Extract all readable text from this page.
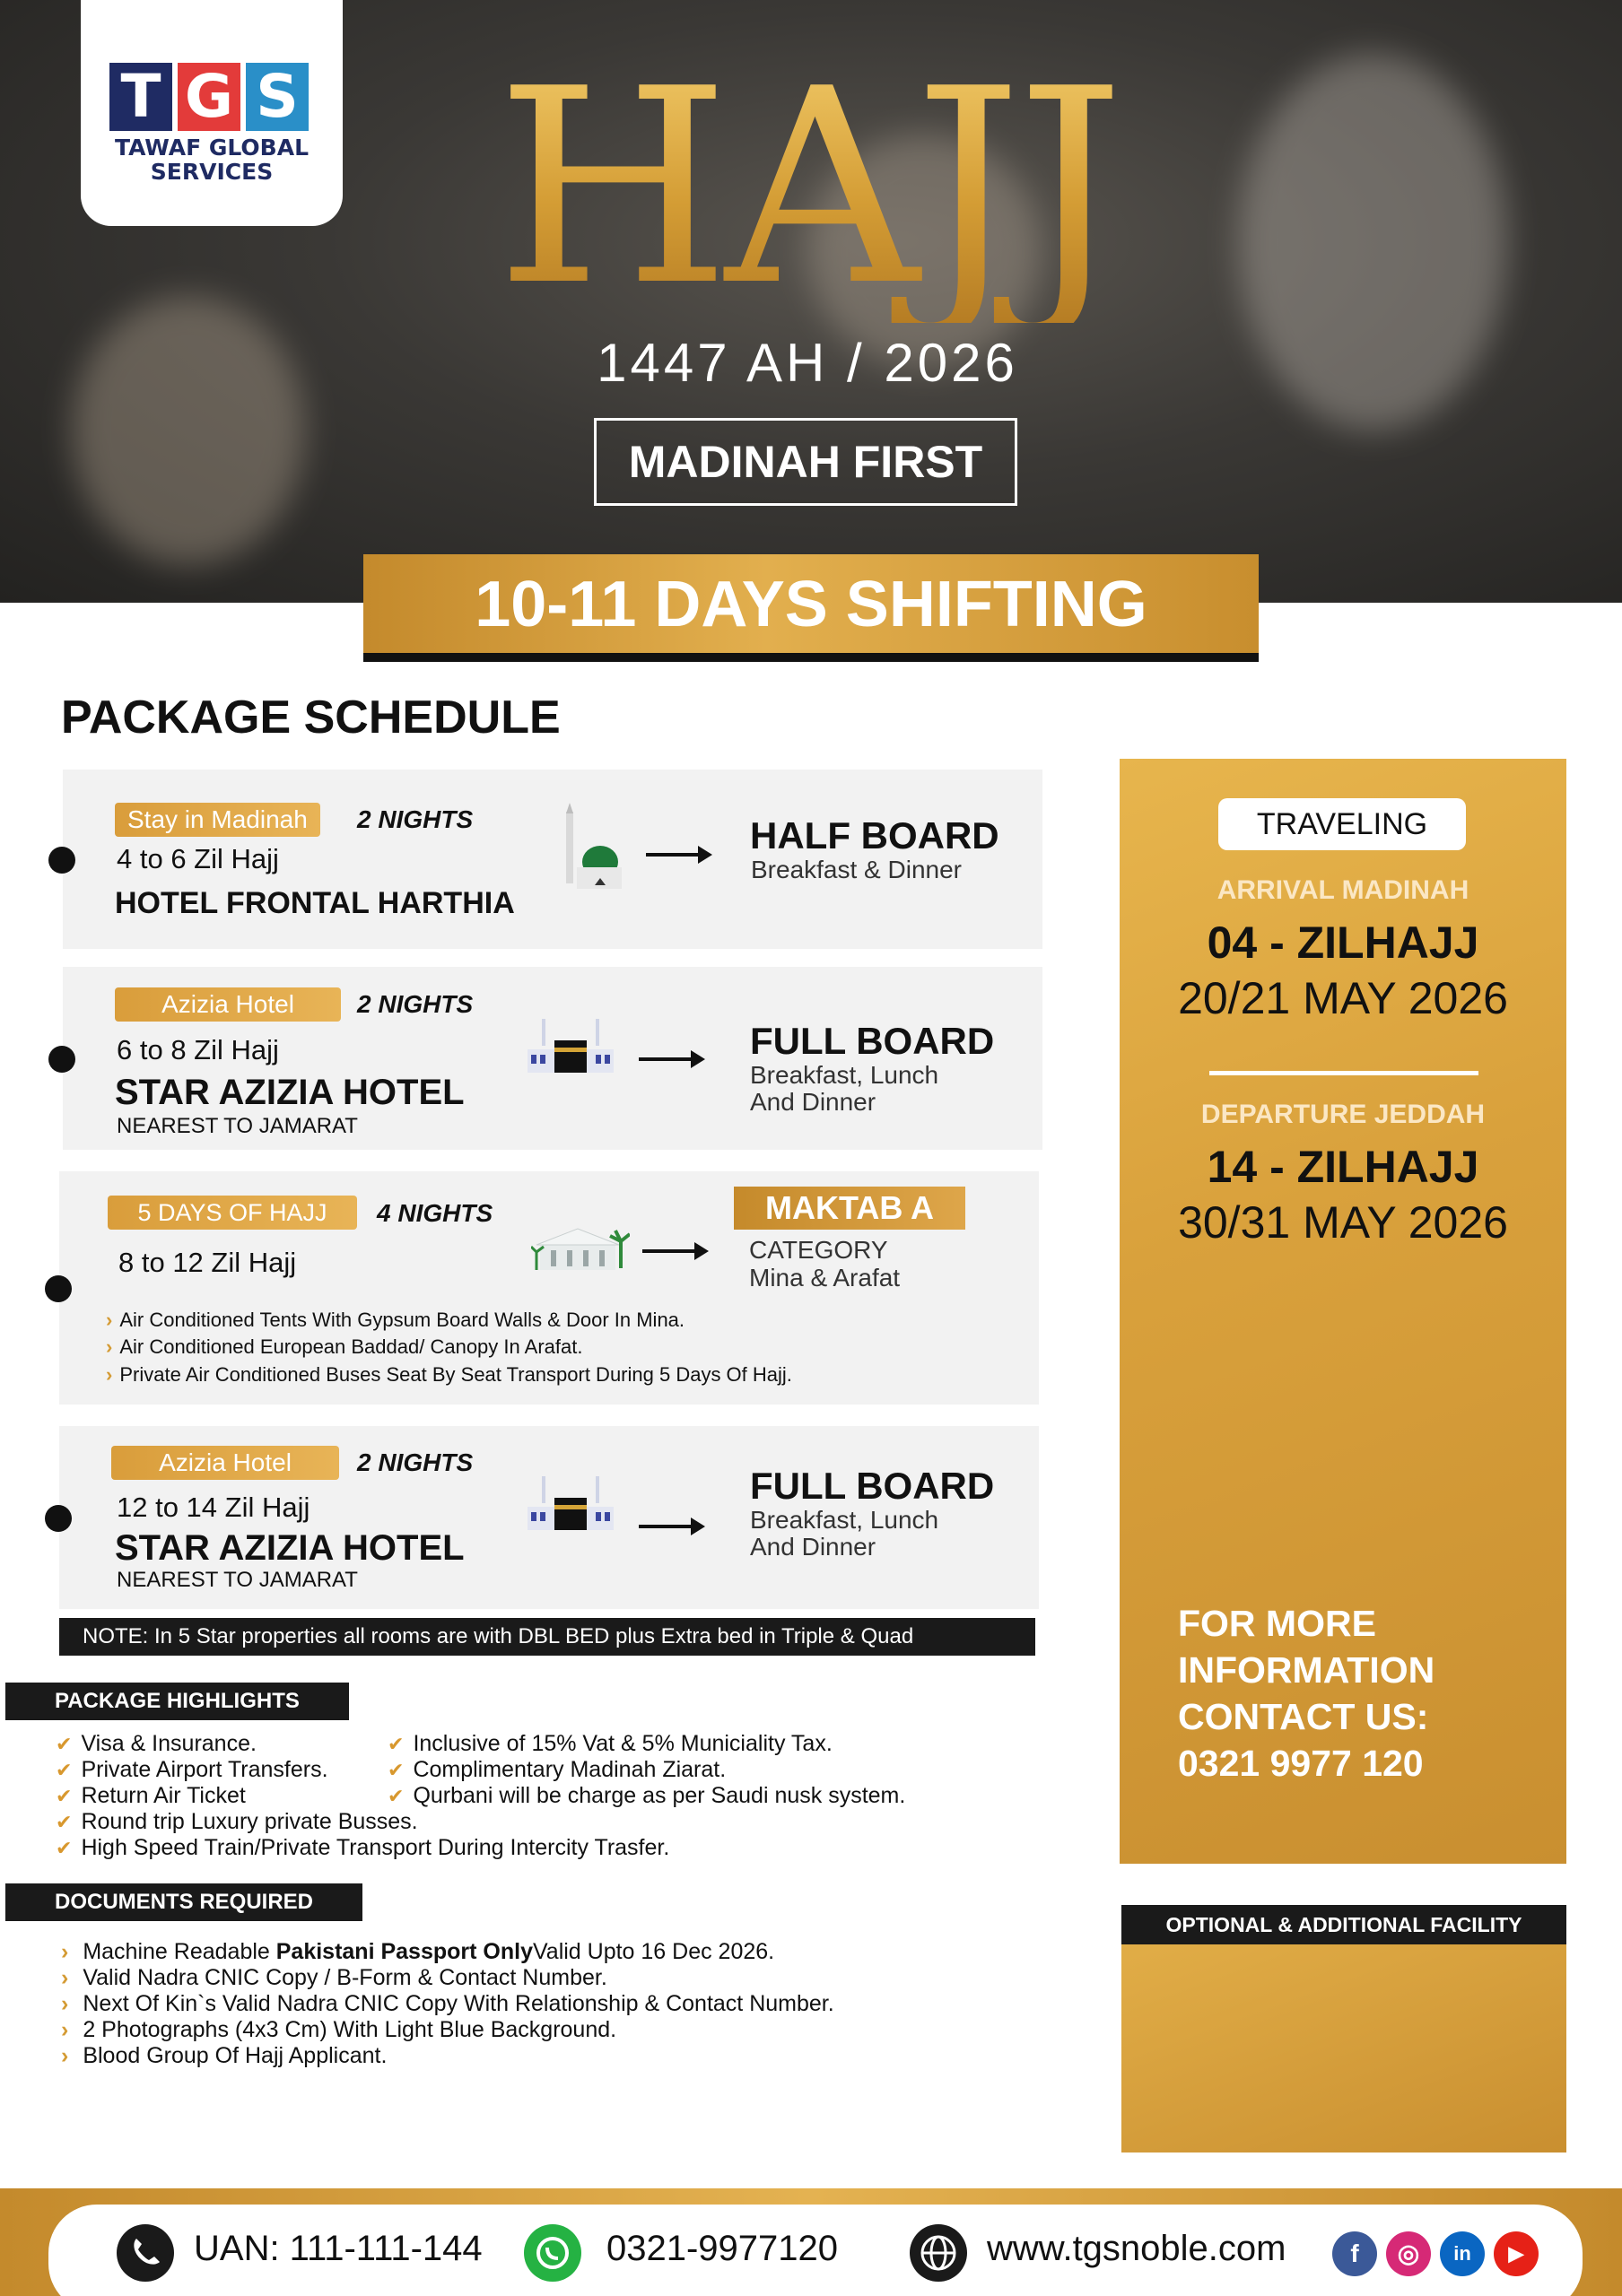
T G S
TAWAF GLOBAL
SERVICES HAJJ
1447 AH / 2026
MADINAH FIRST
10-11 DAYS SHIFTING
PACKAGE SCHEDULE
Stay in Madinah	2 NIGHTS
4 to 6 Zil Hajj
HOTEL FRONTAL HARTHIA
HALF BOARD
Breakfast & Dinner
Azizia Hotel	2 NIGHTS
6 to 8 Zil Hajj
STAR AZIZIA HOTEL
NEAREST TO JAMARAT
FULL BOARD
Breakfast, Lunch
And Dinner
5 DAYS OF HAJJ	4 NIGHTS
8 to 12 Zil Hajj
MAKTAB A
CATEGORY
Mina & Arafat
› Air Conditioned Tents With Gypsum Board Walls & Door In Mina.
› Air Conditioned European Baddad/ Canopy In Arafat.
› Private Air Conditioned Buses Seat By Seat Transport During 5 Days Of Hajj.
Azizia Hotel	2 NIGHTS
12 to 14 Zil Hajj
STAR AZIZIA HOTEL
NEAREST TO JAMARAT
FULL BOARD
Breakfast, Lunch
And Dinner
NOTE: In 5 Star properties all rooms are with DBL BED plus Extra bed in Triple & Quad
TRAVELING
ARRIVAL MADINAH
04 - ZILHAJJ
20/21 MAY 2026
DEPARTURE JEDDAH
14 - ZILHAJJ
30/31 MAY 2026
FOR MORE
INFORMATION
CONTACT US:
0321 9977 120
OPTIONAL & ADDITIONAL FACILITY
PACKAGE HIGHLIGHTS
✔ Visa & Insurance.
✔ Private Airport Transfers.
✔ Return Air Ticket
✔ Round trip Luxury private Busses.
✔ High Speed Train/Private Transport During Intercity Trasfer.
✔ Inclusive of 15% Vat & 5% Municiality Tax.
✔ Complimentary Madinah Ziarat.
✔ Qurbani will be charge as per Saudi nusk system.
DOCUMENTS REQUIRED
› Machine Readable Pakistani Passport OnlyValid Upto 16 Dec 2026.
› Valid Nadra CNIC Copy / B-Form & Contact Number.
› Next Of Kin`s Valid Nadra CNIC Copy With Relationship & Contact Number.
› 2 Photographs (4x3 Cm) With Light Blue Background.
› Blood Group Of Hajj Applicant.
UAN: 111-111-144	0321-9977120	www.tgsnoble.com	f	◎	in	▶
